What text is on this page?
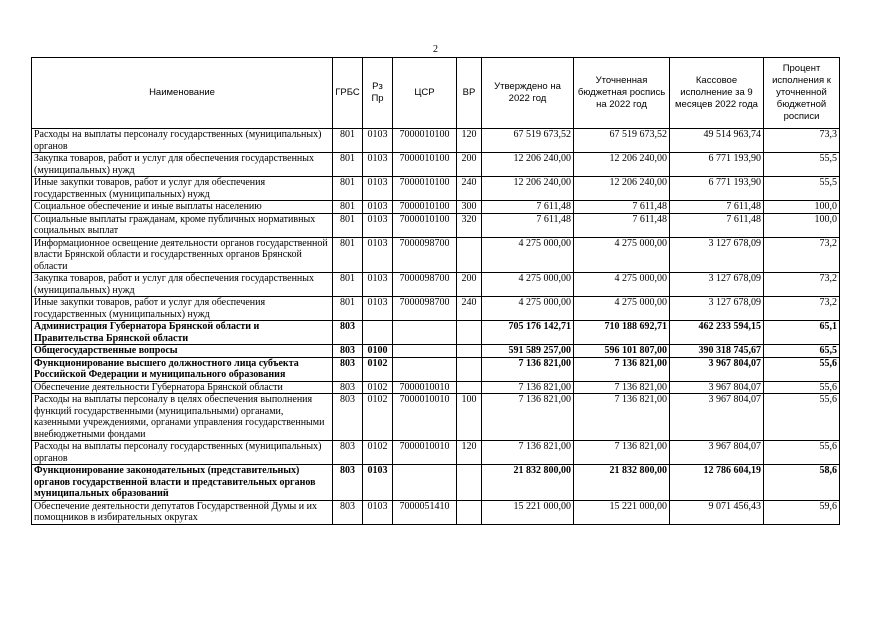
2
Наименование	ГРБС	Рз Пр	ЦСР	ВР	Утверждено на 2022 год	Уточненная бюджетная роспись на 2022 год	Кассовое исполнение за 9 месяцев 2022 года	Процент исполнения к уточненной бюджетной росписи
Расходы на выплаты персоналу государственных (муниципальных) органов	801	0103	7000010100	120	67 519 673,52	67 519 673,52	49 514 963,74	73,3
Закупка товаров, работ и услуг для обеспечения государственных (муниципальных) нужд	801	0103	7000010100	200	12 206 240,00	12 206 240,00	6 771 193,90	55,5
Иные закупки товаров, работ и услуг для обеспечения государственных (муниципальных) нужд	801	0103	7000010100	240	12 206 240,00	12 206 240,00	6 771 193,90	55,5
Социальное обеспечение и иные выплаты населению	801	0103	7000010100	300	7 611,48	7 611,48	7 611,48	100,0
Социальные выплаты гражданам, кроме публичных нормативных социальных выплат	801	0103	7000010100	320	7 611,48	7 611,48	7 611,48	100,0
Информационное освещение деятельности органов государственной власти Брянской области и государственных органов Брянской области	801	0103	7000098700		4 275 000,00	4 275 000,00	3 127 678,09	73,2
Закупка товаров, работ и услуг для обеспечения государственных (муниципальных) нужд	801	0103	7000098700	200	4 275 000,00	4 275 000,00	3 127 678,09	73,2
Иные закупки товаров, работ и услуг для обеспечения государственных (муниципальных) нужд	801	0103	7000098700	240	4 275 000,00	4 275 000,00	3 127 678,09	73,2
Администрация Губернатора Брянской области и Правительства Брянской области	803				705 176 142,71	710 188 692,71	462 233 594,15	65,1
Общегосударственные вопросы	803	0100			591 589 257,00	596 101 807,00	390 318 745,67	65,5
Функционирование высшего должностного лица субъекта Российской Федерации и муниципального образования	803	0102			7 136 821,00	7 136 821,00	3 967 804,07	55,6
Обеспечение деятельности Губернатора Брянской области	803	0102	7000010010		7 136 821,00	7 136 821,00	3 967 804,07	55,6
Расходы на выплаты персоналу в целях обеспечения выполнения функций государственными (муниципальными) органами, казенными учреждениями, органами управления государственными внебюджетными фондами	803	0102	7000010010	100	7 136 821,00	7 136 821,00	3 967 804,07	55,6
Расходы на выплаты персоналу государственных (муниципальных) органов	803	0102	7000010010	120	7 136 821,00	7 136 821,00	3 967 804,07	55,6
Функционирование законодательных (представительных) органов государственной власти и представительных органов муниципальных образований	803	0103			21 832 800,00	21 832 800,00	12 786 604,19	58,6
Обеспечение деятельности депутатов Государственной Думы и их помощников в избирательных округах	803	0103	7000051410		15 221 000,00	15 221 000,00	9 071 456,43	59,6
